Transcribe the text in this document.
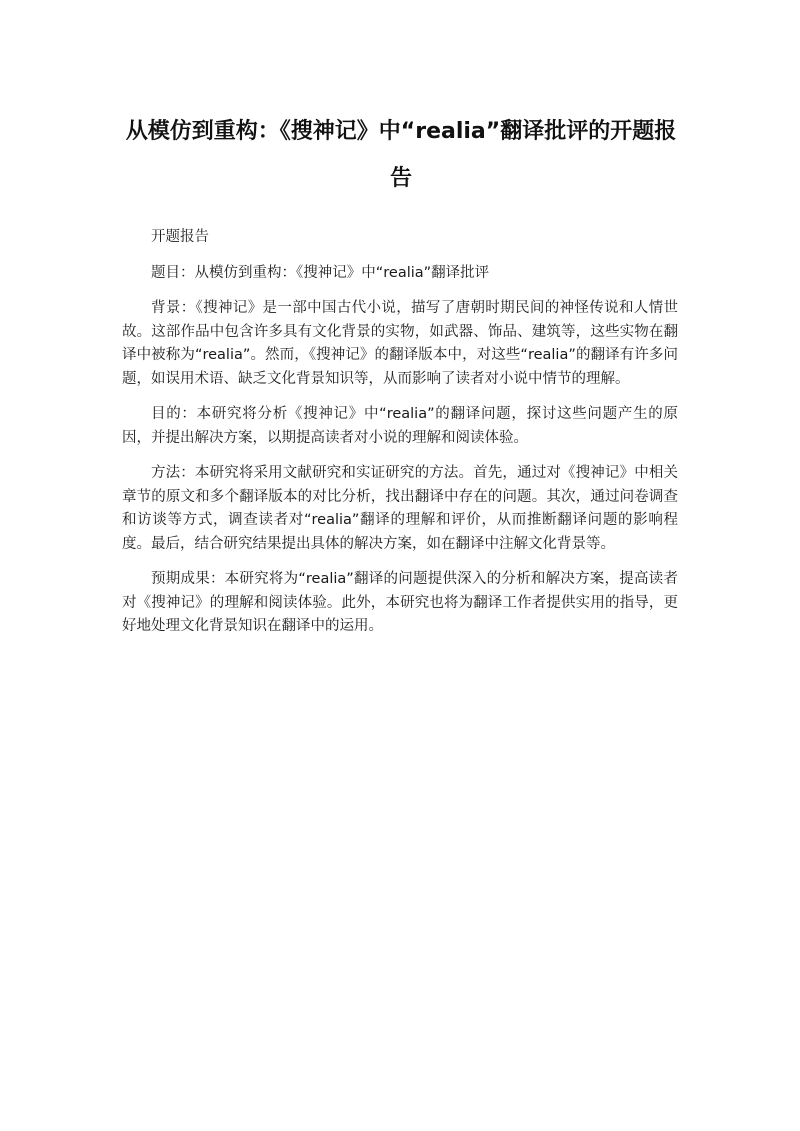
从模仿到重构：《搜神记》中“realia”翻译批评的开题报告

开题报告

题目：从模仿到重构：《搜神记》中“realia”翻译批评

背景：《搜神记》是一部中国古代小说，描写了唐朝时期民间的神怪传说和人情世故。这部作品中包含许多具有文化背景的实物，如武器、饰品、建筑等，这些实物在翻译中被称为“realia”。然而，《搜神记》的翻译版本中，对这些“realia”的翻译有许多问题，如误用术语、缺乏文化背景知识等，从而影响了读者对小说中情节的理解。

目的：本研究将分析《搜神记》中“realia”的翻译问题，探讨这些问题产生的原因，并提出解决方案，以期提高读者对小说的理解和阅读体验。

方法：本研究将采用文献研究和实证研究的方法。首先，通过对《搜神记》中相关章节的原文和多个翻译版本的对比分析，找出翻译中存在的问题。其次，通过问卷调查和访谈等方式，调查读者对“realia”翻译的理解和评价，从而推断翻译问题的影响程度。最后，结合研究结果提出具体的解决方案，如在翻译中注解文化背景等。

预期成果：本研究将为“realia”翻译的问题提供深入的分析和解决方案，提高读者对《搜神记》的理解和阅读体验。此外，本研究也将为翻译工作者提供实用的指导，更好地处理文化背景知识在翻译中的运用。
